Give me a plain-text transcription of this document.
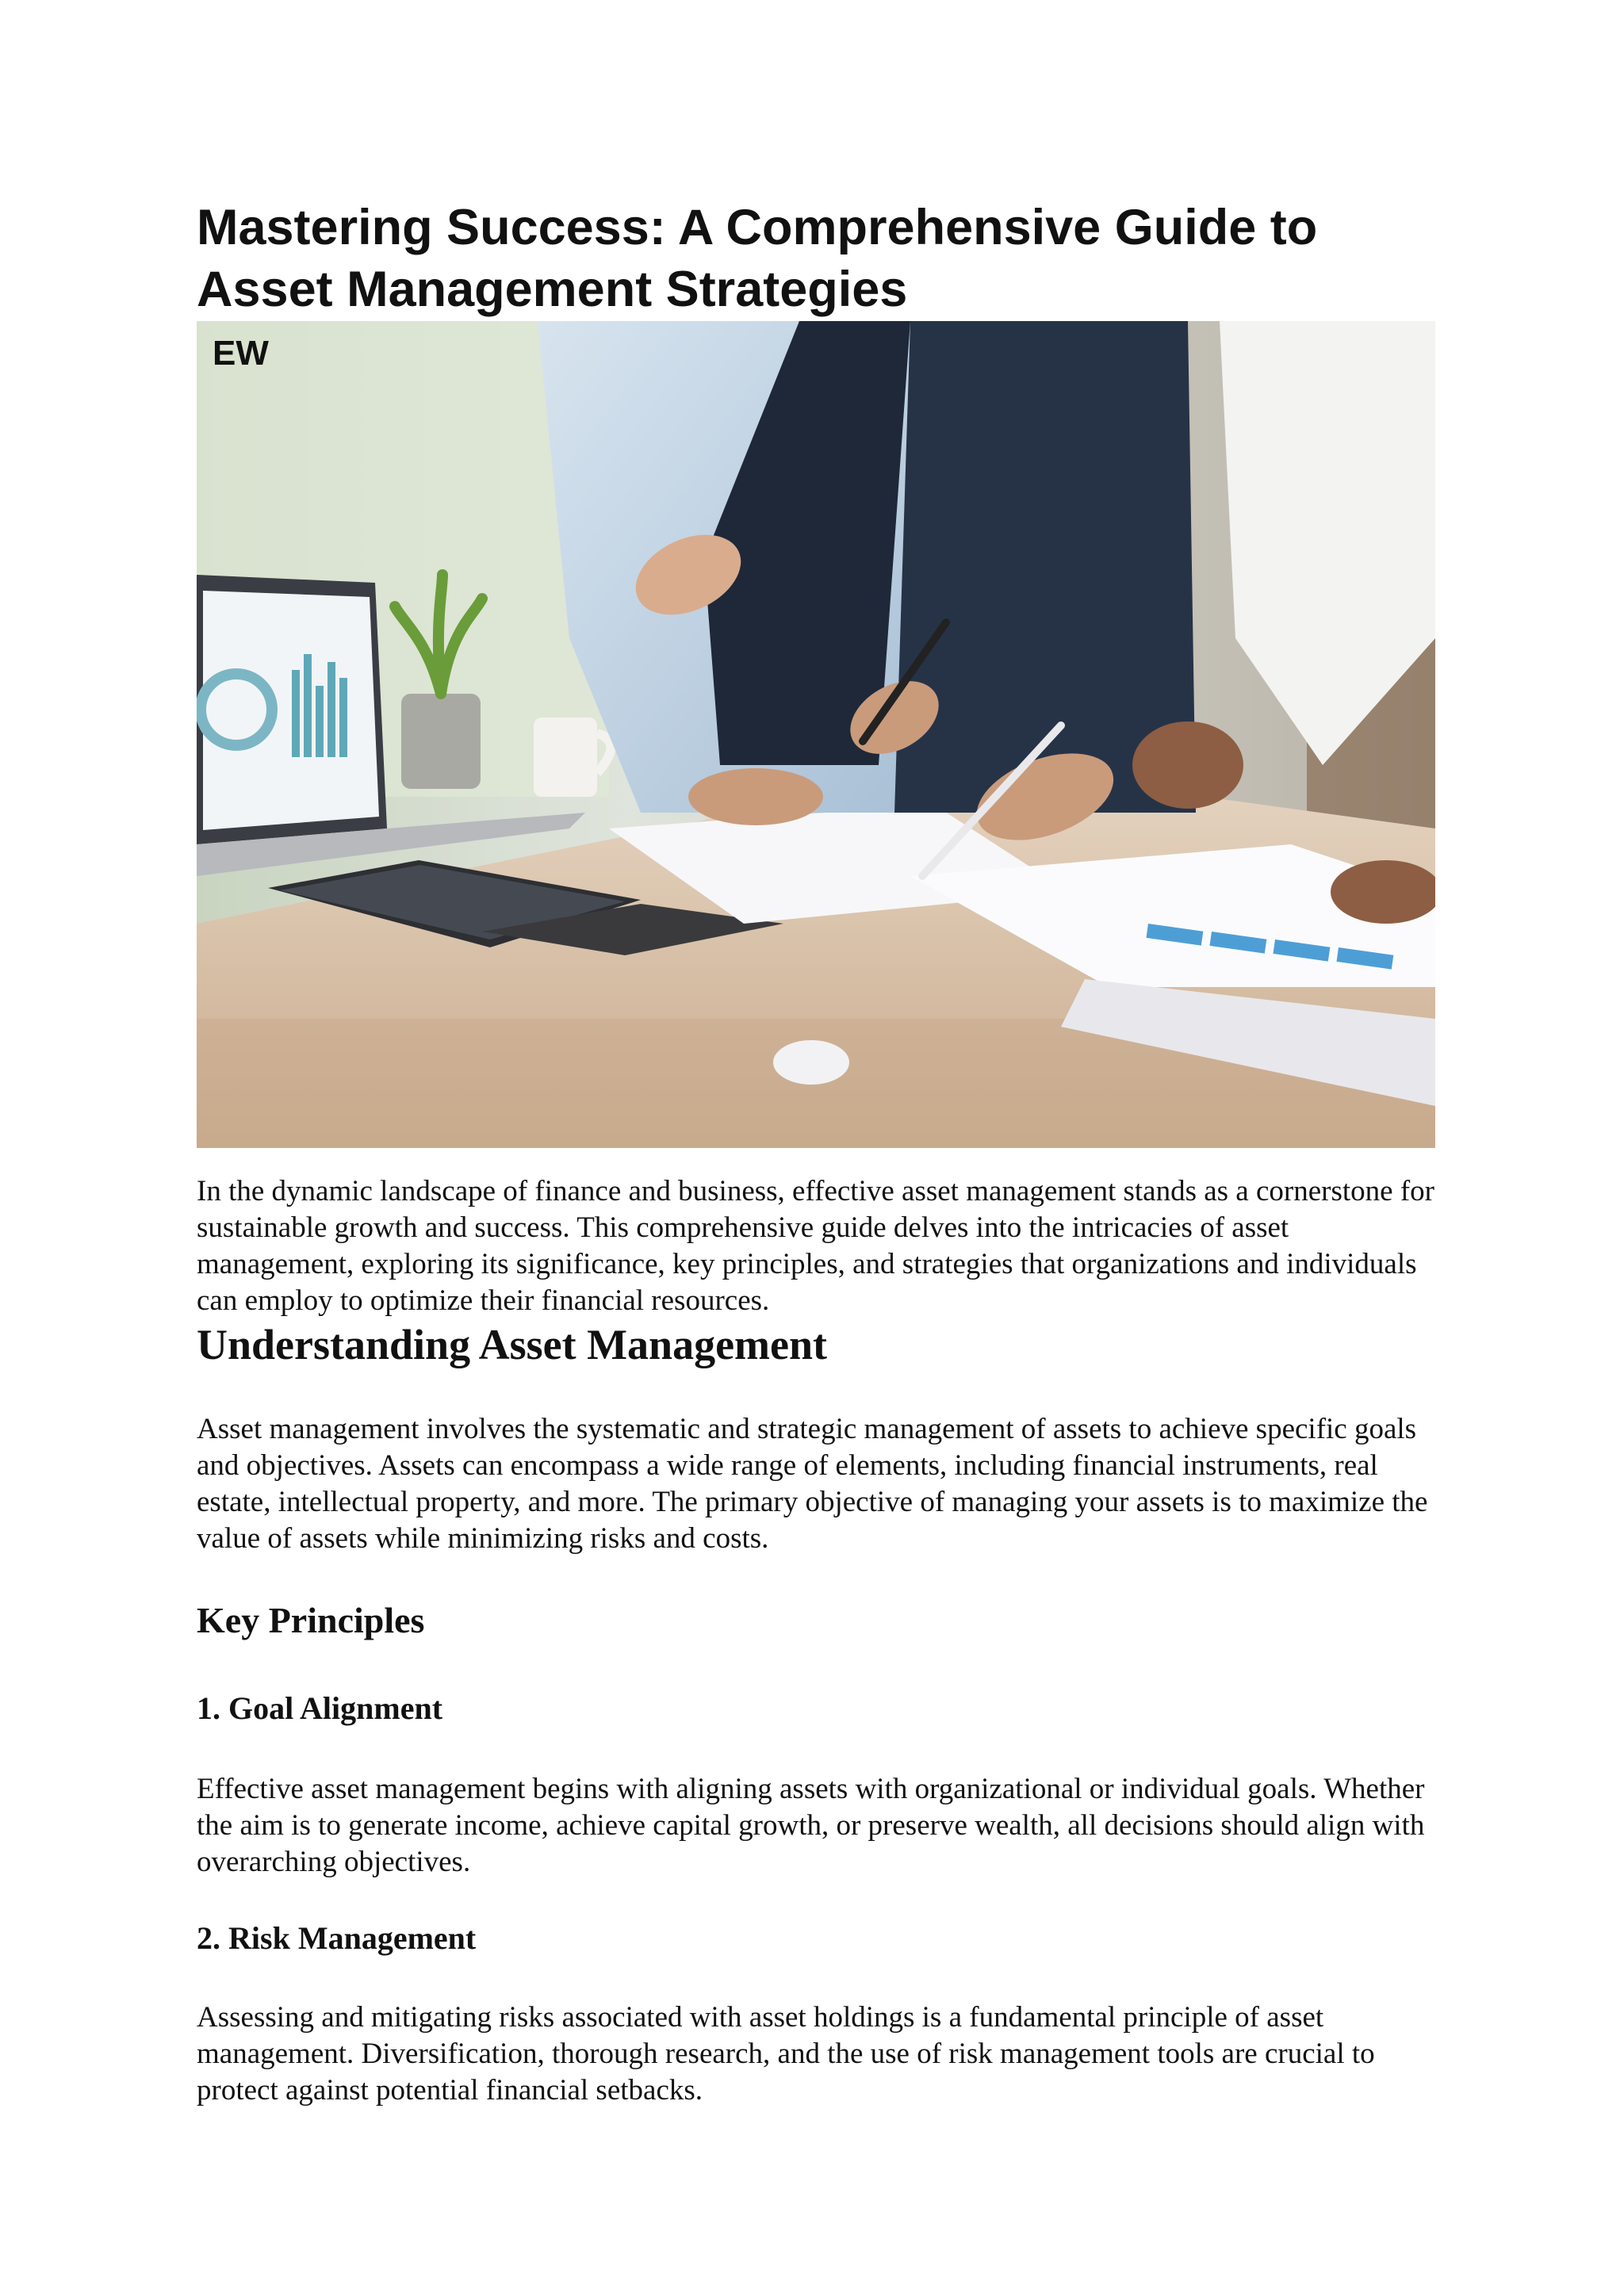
Mastering Success: A Comprehensive Guide to Asset Management Strategies
EW

In the dynamic landscape of finance and business, effective asset management stands as a cornerstone for sustainable growth and success. This comprehensive guide delves into the intricacies of asset management, exploring its significance, key principles, and strategies that organizations and individuals can employ to optimize their financial resources.

Understanding Asset Management

Asset management involves the systematic and strategic management of assets to achieve specific goals and objectives. Assets can encompass a wide range of elements, including financial instruments, real estate, intellectual property, and more. The primary objective of managing your assets is to maximize the value of assets while minimizing risks and costs.

Key Principles
1. Goal Alignment

Effective asset management begins with aligning assets with organizational or individual goals. Whether the aim is to generate income, achieve capital growth, or preserve wealth, all decisions should align with overarching objectives.

2. Risk Management

Assessing and mitigating risks associated with asset holdings is a fundamental principle of asset management. Diversification, thorough research, and the use of risk management tools are crucial to protect against potential financial setbacks.
